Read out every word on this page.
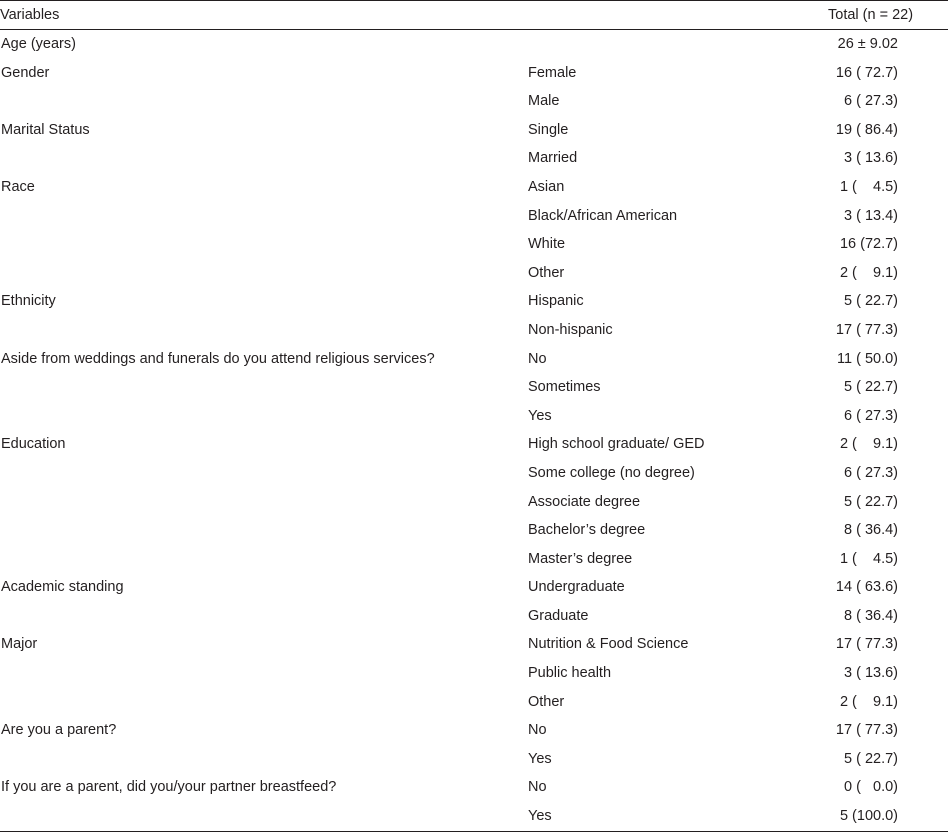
Variables		Total (n = 22)
Age (years)		26 ± 9.02
Gender	Female	16 ( 72.7)
	Male	6 ( 27.3)
Marital Status	Single	19 ( 86.4)
	Married	3 ( 13.6)
Race	Asian	1 (    4.5)
	Black/African American	3 ( 13.4)
	White	16 (72.7)
	Other	2 (    9.1)
Ethnicity	Hispanic	5 ( 22.7)
	Non-hispanic	17 ( 77.3)
Aside from weddings and funerals do you attend religious services?	No	11 ( 50.0)
	Sometimes	5 ( 22.7)
	Yes	6 ( 27.3)
Education	High school graduate/ GED	2 (    9.1)
	Some college (no degree)	6 ( 27.3)
	Associate degree	5 ( 22.7)
	Bachelor’s degree	8 ( 36.4)
	Master’s degree	1 (    4.5)
Academic standing	Undergraduate	14 ( 63.6)
	Graduate	8 ( 36.4)
Major	Nutrition & Food Science	17 ( 77.3)
	Public health	3 ( 13.6)
	Other	2 (    9.1)
Are you a parent?	No	17 ( 77.3)
	Yes	5 ( 22.7)
If you are a parent, did you/your partner breastfeed?	No	0 (   0.0)
	Yes	5 (100.0)
